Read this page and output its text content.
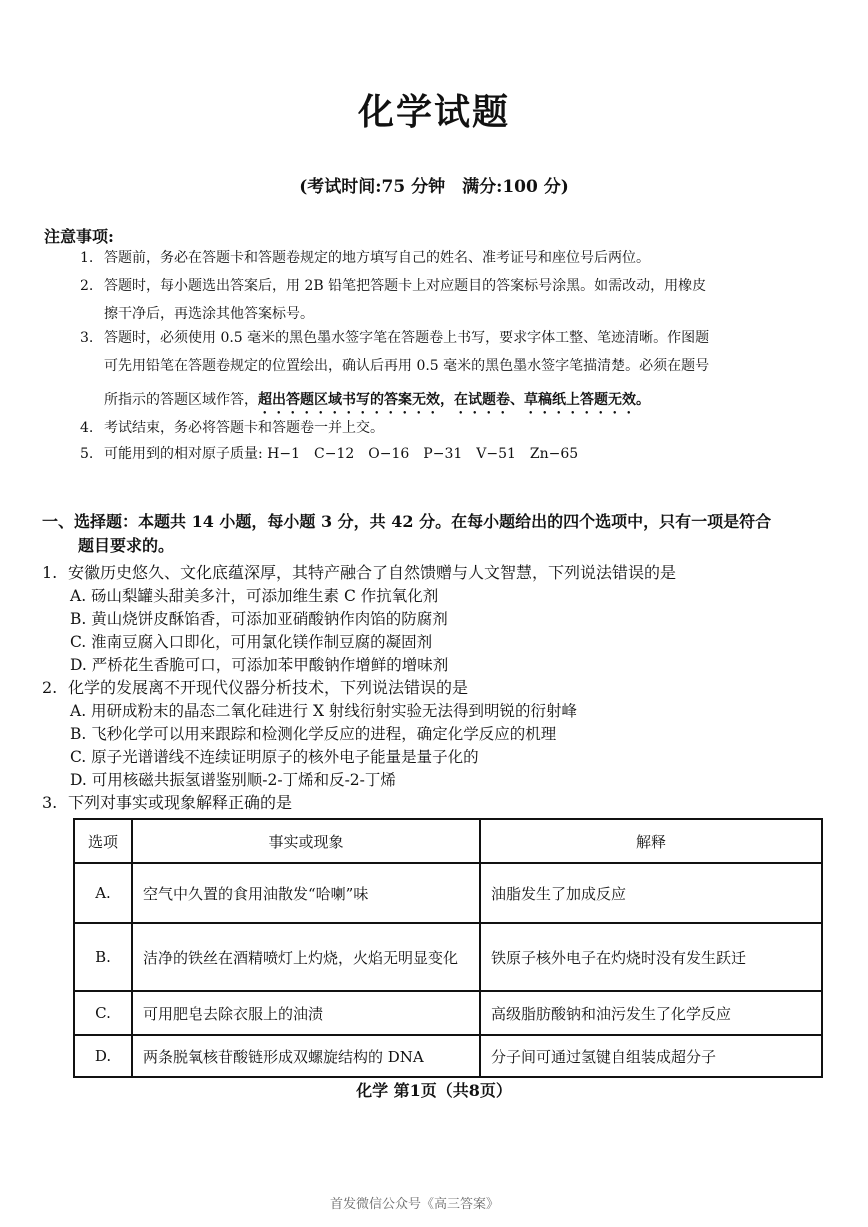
化学试题
(考试时间:75 分钟　满分:100 分)
注意事项:
1. 答题前，务必在答题卡和答题卷规定的地方填写自己的姓名、准考证号和座位号后两位。
2. 答题时，每小题选出答案后，用 2B 铅笔把答题卡上对应题目的答案标号涂黑。如需改动，用橡皮
擦干净后，再选涂其他答案标号。
3. 答题时，必须使用 0.5 毫米的黑色墨水签字笔在答题卷上书写，要求字体工整、笔迹清晰。作图题
可先用铅笔在答题卷规定的位置绘出，确认后再用 0.5 毫米的黑色墨水签字笔描清楚。必须在题号
所指示的答题区域作答，超出答题区域书写的答案无效，在试题卷、草稿纸上答题无效。
4. 考试结束，务必将答题卡和答题卷一并上交。
5. 可能用到的相对原子质量: H−1　C−12　O−16　P−31　V−51　Zn−65
一、选择题：本题共 14 小题，每小题 3 分，共 42 分。在每小题给出的四个选项中，只有一项是符合
题目要求的。
1. 安徽历史悠久、文化底蕴深厚，其特产融合了自然馈赠与人文智慧，下列说法错误的是
A. 砀山梨罐头甜美多汁，可添加维生素 C 作抗氧化剂
B. 黄山烧饼皮酥馅香，可添加亚硝酸钠作肉馅的防腐剂
C. 淮南豆腐入口即化，可用氯化镁作制豆腐的凝固剂
D. 严桥花生香脆可口，可添加苯甲酸钠作增鲜的增味剂
2. 化学的发展离不开现代仪器分析技术，下列说法错误的是
A. 用研成粉末的晶态二氧化硅进行 X 射线衍射实验无法得到明锐的衍射峰
B. 飞秒化学可以用来跟踪和检测化学反应的进程，确定化学反应的机理
C. 原子光谱谱线不连续证明原子的核外电子能量是量子化的
D. 可用核磁共振氢谱鉴别顺-2-丁烯和反-2-丁烯
3. 下列对事实或现象解释正确的是
选项	事实或现象	解释
A.	空气中久置的食用油散发“哈喇”味	油脂发生了加成反应
B.	洁净的铁丝在酒精喷灯上灼烧，火焰无明显变化	铁原子核外电子在灼烧时没有发生跃迁
C.	可用肥皂去除衣服上的油渍	高级脂肪酸钠和油污发生了化学反应
D.	两条脱氧核苷酸链形成双螺旋结构的 DNA	分子间可通过氢键自组装成超分子
化学 第1页（共8页）
首发微信公众号《高三答案》
